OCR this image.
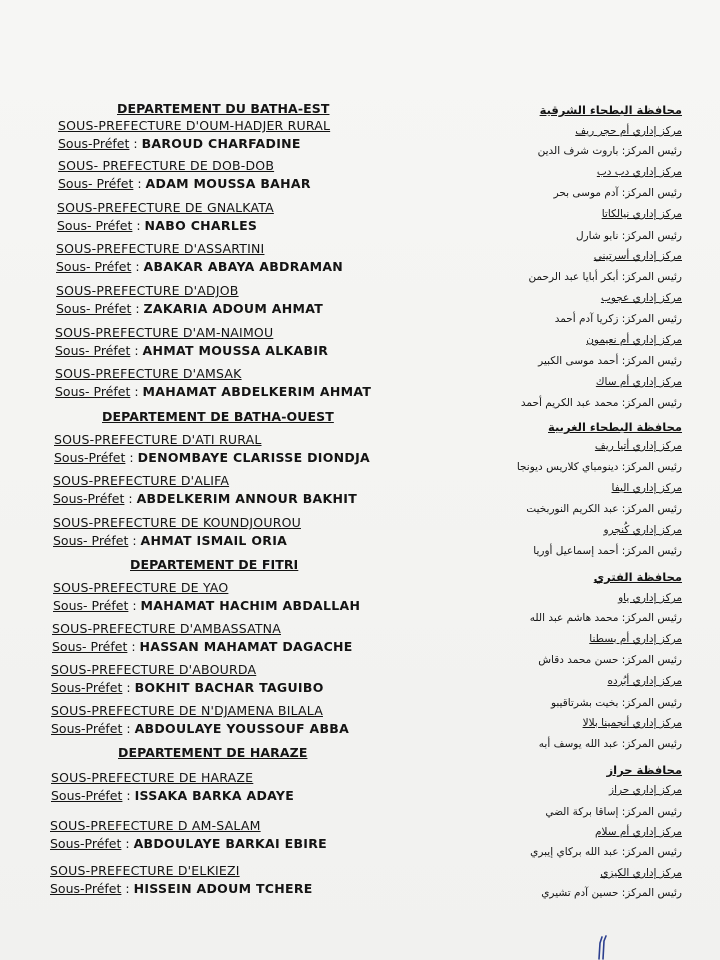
DEPARTEMENT DU BATHA-EST
SOUS-PREFECTURE D'OUM-HADJER RURAL
Sous-Préfet : BAROUD CHARFADINE
SOUS- PREFECTURE DE DOB-DOB
Sous- Préfet : ADAM MOUSSA BAHAR
SOUS-PREFECTURE DE GNALKATA
Sous- Préfet : NABO CHARLES
SOUS-PREFECTURE D'ASSARTINI
Sous- Préfet : ABAKAR ABAYA ABDRAMAN
SOUS-PREFECTURE D'ADJOB
Sous- Préfet : ZAKARIA ADOUM AHMAT
SOUS-PREFECTURE D'AM-NAIMOU
Sous- Préfet : AHMAT MOUSSA ALKABIR
SOUS-PREFECTURE D'AMSAK
Sous- Préfet : MAHAMAT ABDELKERIM AHMAT
DEPARTEMENT DE BATHA-OUEST
SOUS-PREFECTURE D'ATI RURAL
Sous-Préfet : DENOMBAYE CLARISSE DIONDJA
SOUS-PREFECTURE D'ALIFA
Sous-Préfet : ABDELKERIM ANNOUR BAKHIT
SOUS-PREFECTURE DE KOUNDJOUROU
Sous- Préfet : AHMAT ISMAIL ORIA
DEPARTEMENT DE FITRI
SOUS-PREFECTURE DE YAO
Sous- Préfet : MAHAMAT HACHIM ABDALLAH
SOUS-PREFECTURE D'AMBASSATNA
Sous- Préfet : HASSAN MAHAMAT DAGACHE
SOUS-PREFECTURE D'ABOURDA
Sous-Préfet : BOKHIT BACHAR TAGUIBO
SOUS-PREFECTURE DE N'DJAMENA BILALA
Sous-Préfet : ABDOULAYE YOUSSOUF ABBA
DEPARTEMENT DE HARAZE
SOUS-PREFECTURE DE HARAZE
Sous-Préfet : ISSAKA BARKA ADAYE
SOUS-PREFECTURE D AM-SALAM
Sous-Préfet : ABDOULAYE BARKAI EBIRE
SOUS-PREFECTURE D'ELKIEZI
Sous-Préfet : HISSEIN ADOUM TCHERE
محافظة البطحاء الشرقية
مركز إداري أم حجر ريف
رئيس المركز: باروت شرف الدين
مركز إداري دب دب
رئيس المركز: آدم موسى بحر
مركز إداري نيالكاتا
رئيس المركز: نابو شارل
مركز إداري أسرتيني
رئيس المركز: أبكر أبايا عبد الرحمن
مركز إداري عجوب
رئيس المركز: زكريا آدم أحمد
مركز إداري أم نعيمون
رئيس المركز: أحمد موسى الكبير
مركز إداري أم ساك
رئيس المركز: محمد عبد الكريم أحمد
محافظة البطحاء الغربية
مركز إداري أتيا ريف
رئيس المركز: دينومباي كلاريس ديونجا
مركز إداري اليفا
رئيس المركز: عبد الكريم النوربخيت
مركز إداري كُنجرو
رئيس المركز: أحمد إسماعيل أوريا
محافظة الفتري
مركز إداري ياو
رئيس المركز: محمد هاشم عبد الله
مركز إداري أم بسطنا
رئيس المركز: حسن محمد دقاش
مركز إداري أبُرده
رئيس المركز: بخيت بشرتاقيبو
مركز إداري أنجمينا بلالا
رئيس المركز: عبد الله يوسف أبه
محافظة حراز
مركز إداري حراز
رئيس المركز: إساقا بركة الضي
مركز إداري أم سلام
رئيس المركز: عبد الله بركاي إيبري
مركز إداري الكيزي
رئيس المركز: حسين آدم تشيري
